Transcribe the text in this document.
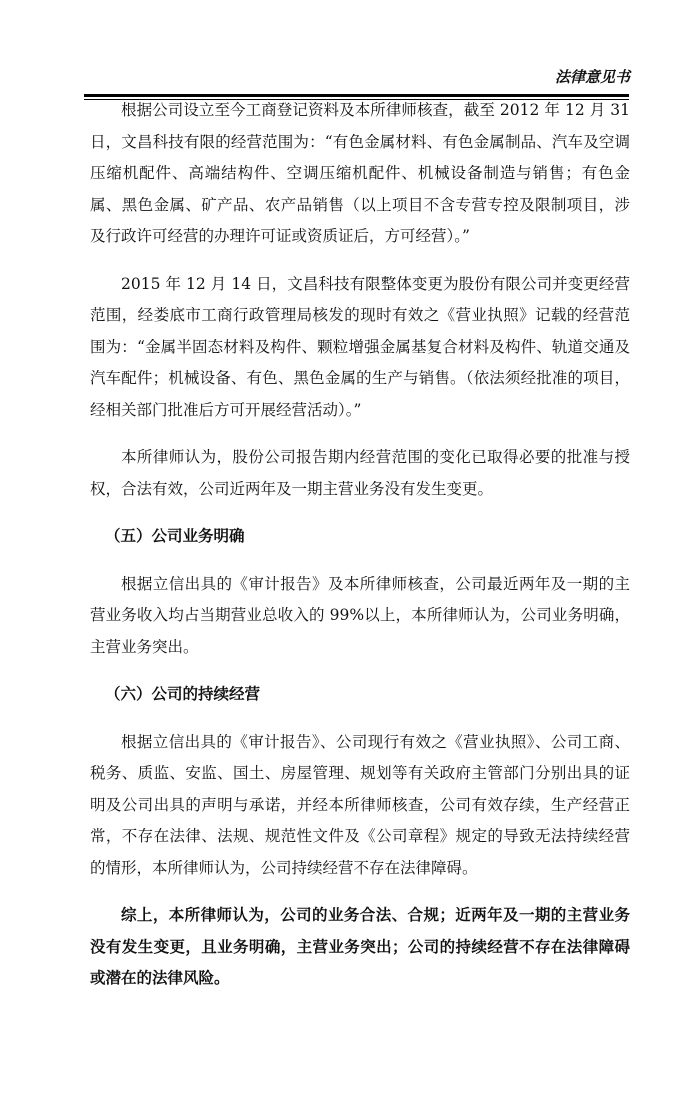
法律意见书

根据公司设立至今工商登记资料及本所律师核查，截至 2012 年 12 月 31 日，文昌科技有限的经营范围为：“有色金属材料、有色金属制品、汽车及空调压缩机配件、高端结构件、空调压缩机配件、机械设备制造与销售；有色金属、黑色金属、矿产品、农产品销售（以上项目不含专营专控及限制项目，涉及行政许可经营的办理许可证或资质证后，方可经营）。”

2015 年 12 月 14 日，文昌科技有限整体变更为股份有限公司并变更经营范围，经娄底市工商行政管理局核发的现时有效之《营业执照》记载的经营范围为：“金属半固态材料及构件、颗粒增强金属基复合材料及构件、轨道交通及汽车配件；机械设备、有色、黑色金属的生产与销售。（依法须经批准的项目，经相关部门批准后方可开展经营活动）。”

本所律师认为，股份公司报告期内经营范围的变化已取得必要的批准与授权，合法有效，公司近两年及一期主营业务没有发生变更。

（五）公司业务明确

根据立信出具的《审计报告》及本所律师核查，公司最近两年及一期的主营业务收入均占当期营业总收入的 99%以上，本所律师认为，公司业务明确，主营业务突出。

（六）公司的持续经营

根据立信出具的《审计报告》、公司现行有效之《营业执照》、公司工商、税务、质监、安监、国土、房屋管理、规划等有关政府主管部门分别出具的证明及公司出具的声明与承诺，并经本所律师核查，公司有效存续，生产经营正常，不存在法律、法规、规范性文件及《公司章程》规定的导致无法持续经营的情形，本所律师认为，公司持续经营不存在法律障碍。

综上，本所律师认为，公司的业务合法、合规；近两年及一期的主营业务没有发生变更，且业务明确，主营业务突出；公司的持续经营不存在法律障碍或潜在的法律风险。
